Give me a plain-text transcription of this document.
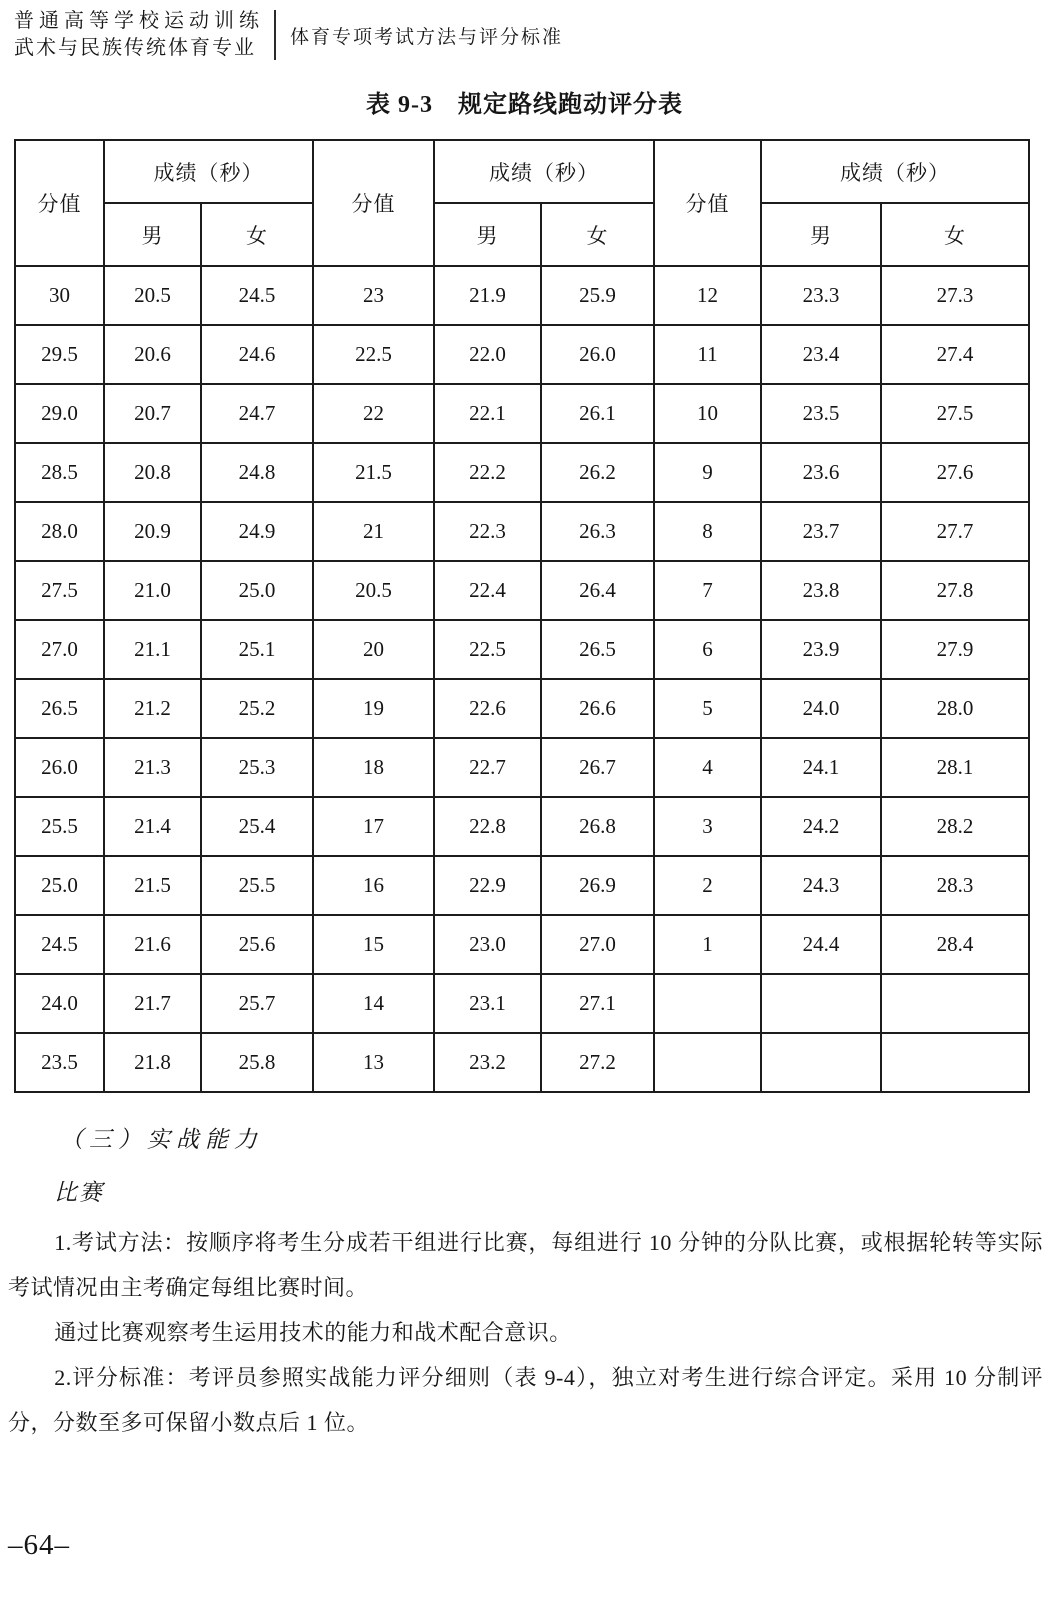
普通高等学校运动训练
武术与民族传统体育专业	体育专项考试方法与评分标准
表 9-3　规定路线跑动评分表
分值	成绩（秒）		分值	成绩（秒）		分值	成绩（秒）	
	男	女		男	女		男	女
30	20.5	24.5	23	21.9	25.9	12	23.3	27.3
29.5	20.6	24.6	22.5	22.0	26.0	11	23.4	27.4
29.0	20.7	24.7	22	22.1	26.1	10	23.5	27.5
28.5	20.8	24.8	21.5	22.2	26.2	9	23.6	27.6
28.0	20.9	24.9	21	22.3	26.3	8	23.7	27.7
27.5	21.0	25.0	20.5	22.4	26.4	7	23.8	27.8
27.0	21.1	25.1	20	22.5	26.5	6	23.9	27.9
26.5	21.2	25.2	19	22.6	26.6	5	24.0	28.0
26.0	21.3	25.3	18	22.7	26.7	4	24.1	28.1
25.5	21.4	25.4	17	22.8	26.8	3	24.2	28.2
25.0	21.5	25.5	16	22.9	26.9	2	24.3	28.3
24.5	21.6	25.6	15	23.0	27.0	1	24.4	28.4
24.0	21.7	25.7	14	23.1	27.1			
23.5	21.8	25.8	13	23.2	27.2			
（三）实战能力
比赛

1.考试方法：按顺序将考生分成若干组进行比赛，每组进行 10 分钟的分队比赛，或根据轮转等实际考试情况由主考确定每组比赛时间。

通过比赛观察考生运用技术的能力和战术配合意识。

2.评分标准：考评员参照实战能力评分细则（表 9-4），独立对考生进行综合评定。采用 10 分制评分，分数至多可保留小数点后 1 位。

–64–
